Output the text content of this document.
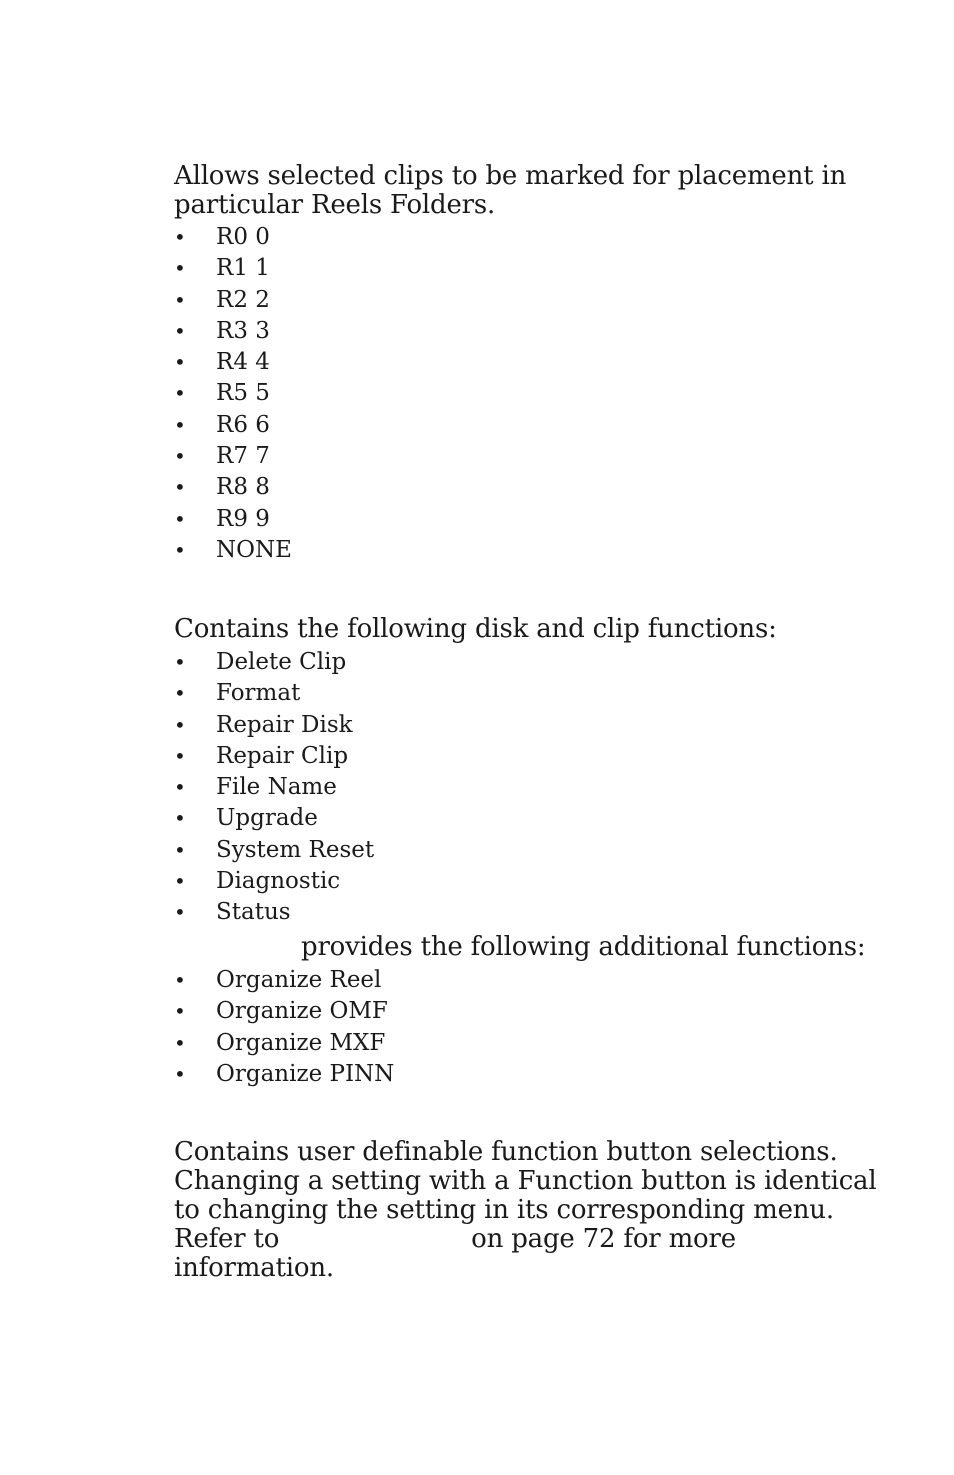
Allows selected clips to be marked for placement in
particular Reels Folders.

• R0 0
• R1 1
• R2 2
• R3 3
• R4 4
• R5 5
• R6 6
• R7 7
• R8 8
• R9 9
• NONE

Contains the following disk and clip functions:

• Delete Clip
• Format
• Repair Disk
• Repair Clip
• File Name
• Upgrade
• System Reset
• Diagnostic
• Status

provides the following additional functions:

• Organize Reel
• Organize OMF
• Organize MXF
• Organize PINN

Contains user definable function button selections.
Changing a setting with a Function button is identical
to changing the setting in its corresponding menu.
Refer to	on page 72 for more
information.
